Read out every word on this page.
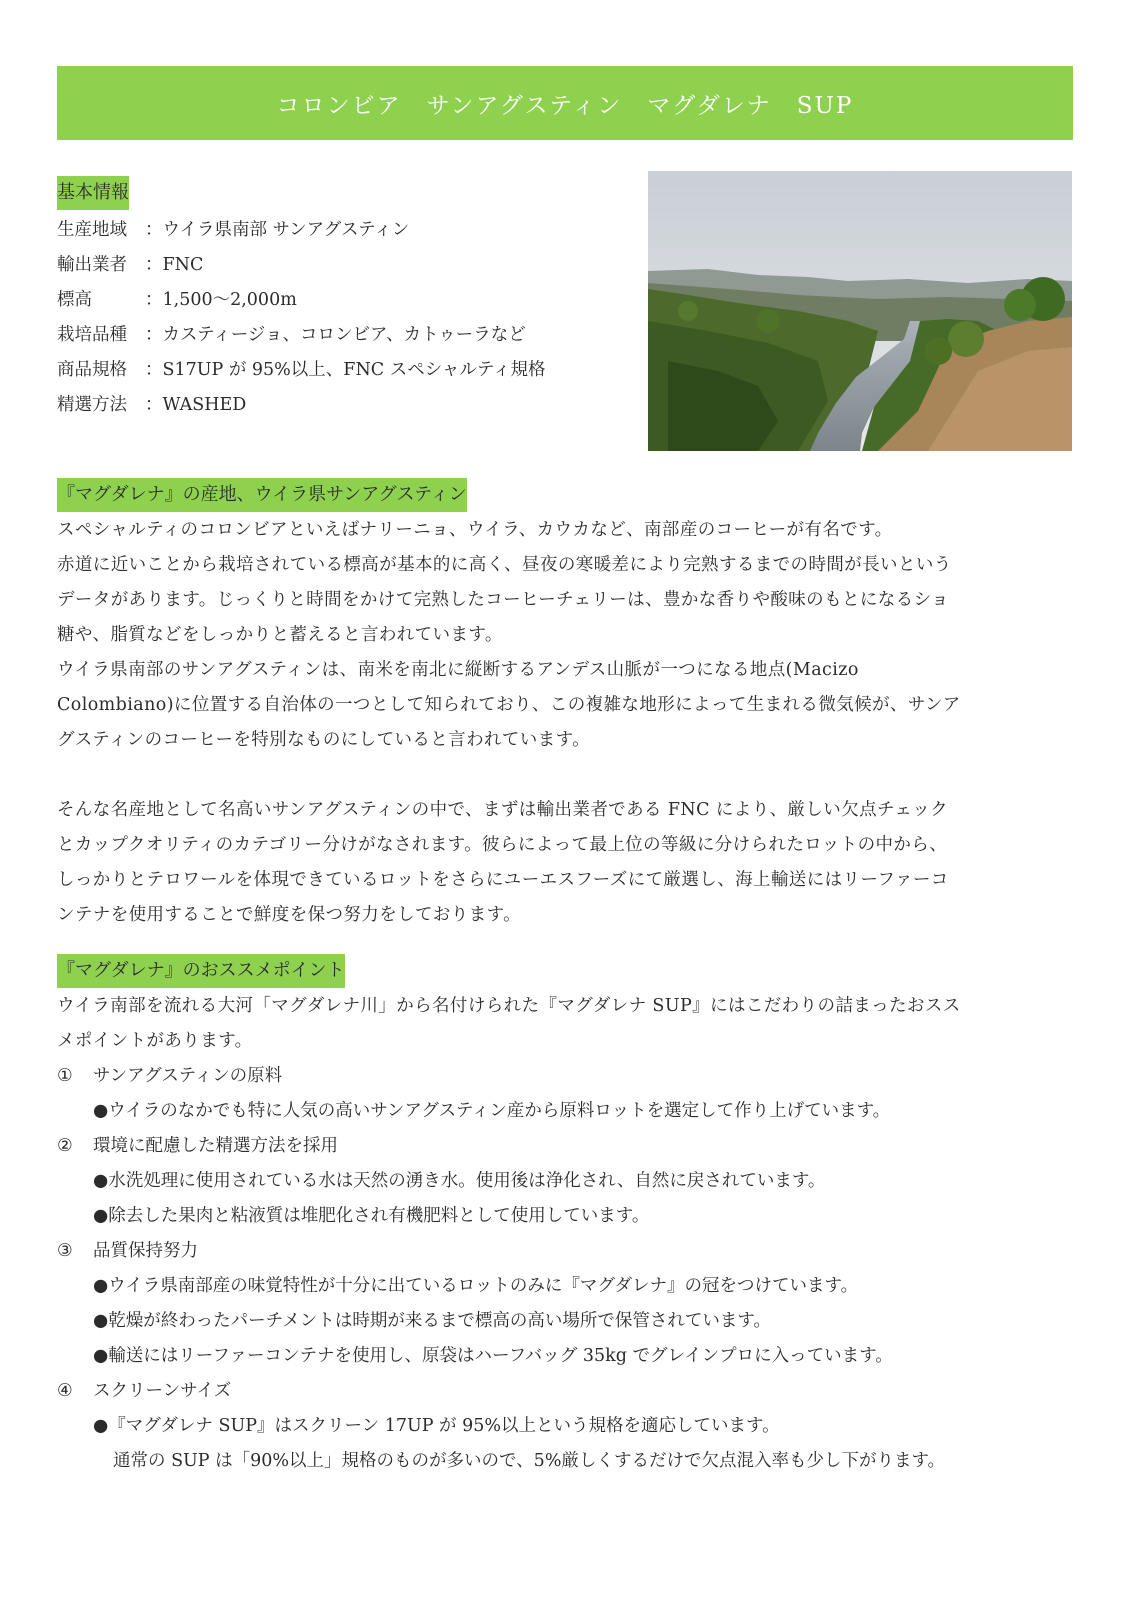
コロンビア　サンアグスティン　マグダレナ　SUP
基本情報
生産地域	： ウイラ県南部 サンアグスティン
輸出業者	： FNC
標高	： 1,500〜2,000m
栽培品種	： カスティージョ、コロンビア、カトゥーラなど
商品規格	： S17UP が 95%以上、FNC スペシャルティ規格
精選方法	： WASHED
『マグダレナ』の産地、ウイラ県サンアグスティン
スペシャルティのコロンビアといえばナリーニョ、ウイラ、カウカなど、南部産のコーヒーが有名です。
赤道に近いことから栽培されている標高が基本的に高く、昼夜の寒暖差により完熟するまでの時間が長いという
データがあります。じっくりと時間をかけて完熟したコーヒーチェリーは、豊かな香りや酸味のもとになるショ
糖や、脂質などをしっかりと蓄えると言われています。
ウイラ県南部のサンアグスティンは、南米を南北に縦断するアンデス山脈が一つになる地点(Macizo
Colombiano)に位置する自治体の一つとして知られており、この複雑な地形によって生まれる微気候が、サンア
グスティンのコーヒーを特別なものにしていると言われています。
そんな名産地として名高いサンアグスティンの中で、まずは輸出業者である FNC により、厳しい欠点チェック
とカップクオリティのカテゴリー分けがなされます。彼らによって最上位の等級に分けられたロットの中から、
しっかりとテロワールを体現できているロットをさらにユーエスフーズにて厳選し、海上輸送にはリーファーコ
ンテナを使用することで鮮度を保つ努力をしております。
『マグダレナ』のおススメポイント
ウイラ南部を流れる大河「マグダレナ川」から名付けられた『マグダレナ SUP』にはこだわりの詰まったおスス
メポイントがあります。
①	サンアグスティンの原料
●ウイラのなかでも特に人気の高いサンアグスティン産から原料ロットを選定して作り上げています。
②	環境に配慮した精選方法を採用
●水洗処理に使用されている水は天然の湧き水。使用後は浄化され、自然に戻されています。
●除去した果肉と粘液質は堆肥化され有機肥料として使用しています。
③	品質保持努力
●ウイラ県南部産の味覚特性が十分に出ているロットのみに『マグダレナ』の冠をつけています。
●乾燥が終わったパーチメントは時期が来るまで標高の高い場所で保管されています。
●輸送にはリーファーコンテナを使用し、原袋はハーフバッグ 35kg でグレインプロに入っています。
④	スクリーンサイズ
●『マグダレナ SUP』はスクリーン 17UP が 95%以上という規格を適応しています。
通常の SUP は「90%以上」規格のものが多いので、5%厳しくするだけで欠点混入率も少し下がります。
